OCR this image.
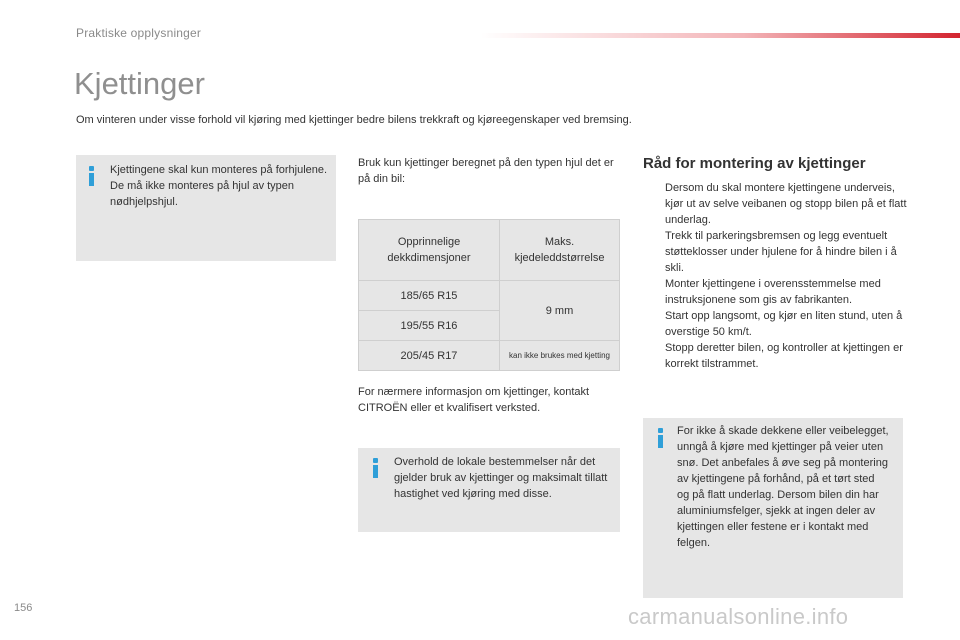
Praktiske opplysninger
Kjettinger
Om vinteren under visse forhold vil kjøring med kjettinger bedre bilens trekkraft og kjøreegenskaper ved bremsing.
Kjettingene skal kun monteres på forhjulene. De må ikke monteres på hjul av typen nødhjelpshjul.
Bruk kun kjettinger beregnet på den typen hjul det er på din bil:
Opprinnelige dekkdimensjoner	Maks. kjedeleddstørrelse
185/65 R15	9 mm
195/55 R16	
205/45 R17	kan ikke brukes med kjetting
For nærmere informasjon om kjettinger, kontakt CITROËN eller et kvalifisert verksted.
Overhold de lokale bestemmelser når det gjelder bruk av kjettinger og maksimalt tillatt hastighet ved kjøring med disse.
Råd for montering av kjettinger
Dersom du skal montere kjettingene underveis, kjør ut av selve veibanen og stopp bilen på et flatt underlag.
Trekk til parkeringsbremsen og legg eventuelt støtteklosser under hjulene for å hindre bilen i å skli.
Monter kjettingene i overensstemmelse med instruksjonene som gis av fabrikanten.
Start opp langsomt, og kjør en liten stund, uten å overstige 50 km/t.
Stopp deretter bilen, og kontroller at kjettingen er korrekt tilstrammet.
For ikke å skade dekkene eller veibelegget, unngå å kjøre med kjettinger på veier uten snø. Det anbefales å øve seg på montering av kjettingene på forhånd, på et tørt sted og på flatt underlag. Dersom bilen din har aluminiumsfelger, sjekk at ingen deler av kjettingen eller festene er i kontakt med felgen.
156	carmanualsonline.info
